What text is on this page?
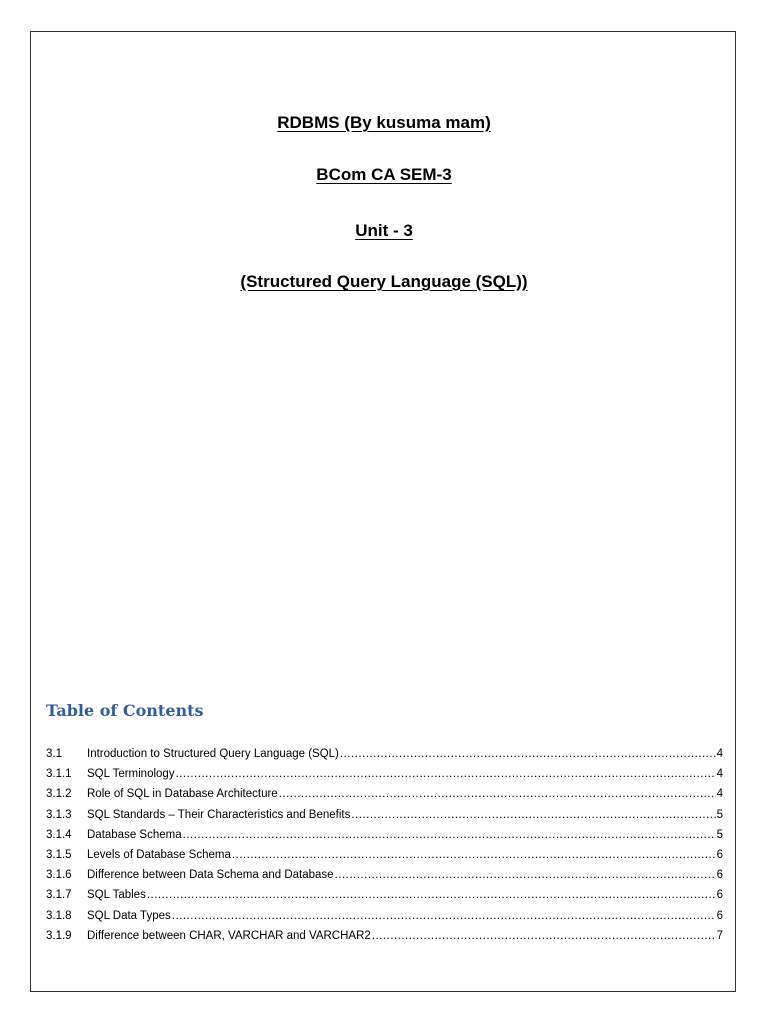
RDBMS (By kusuma mam)
BCom CA SEM-3
Unit - 3
(Structured Query Language (SQL))
Table of Contents
3.1	Introduction to Structured Query Language (SQL) .....	4
3.1.1	SQL Terminology .....	4
3.1.2	Role of SQL in Database Architecture .....	4
3.1.3	SQL Standards – Their Characteristics and Benefits .....	5
3.1.4	Database Schema .....	5
3.1.5	Levels of Database Schema .....	6
3.1.6	Difference between Data Schema and Database .....	6
3.1.7	SQL Tables .....	6
3.1.8	SQL Data Types .....	6
3.1.9	Difference between CHAR, VARCHAR and VARCHAR2 .....	7
